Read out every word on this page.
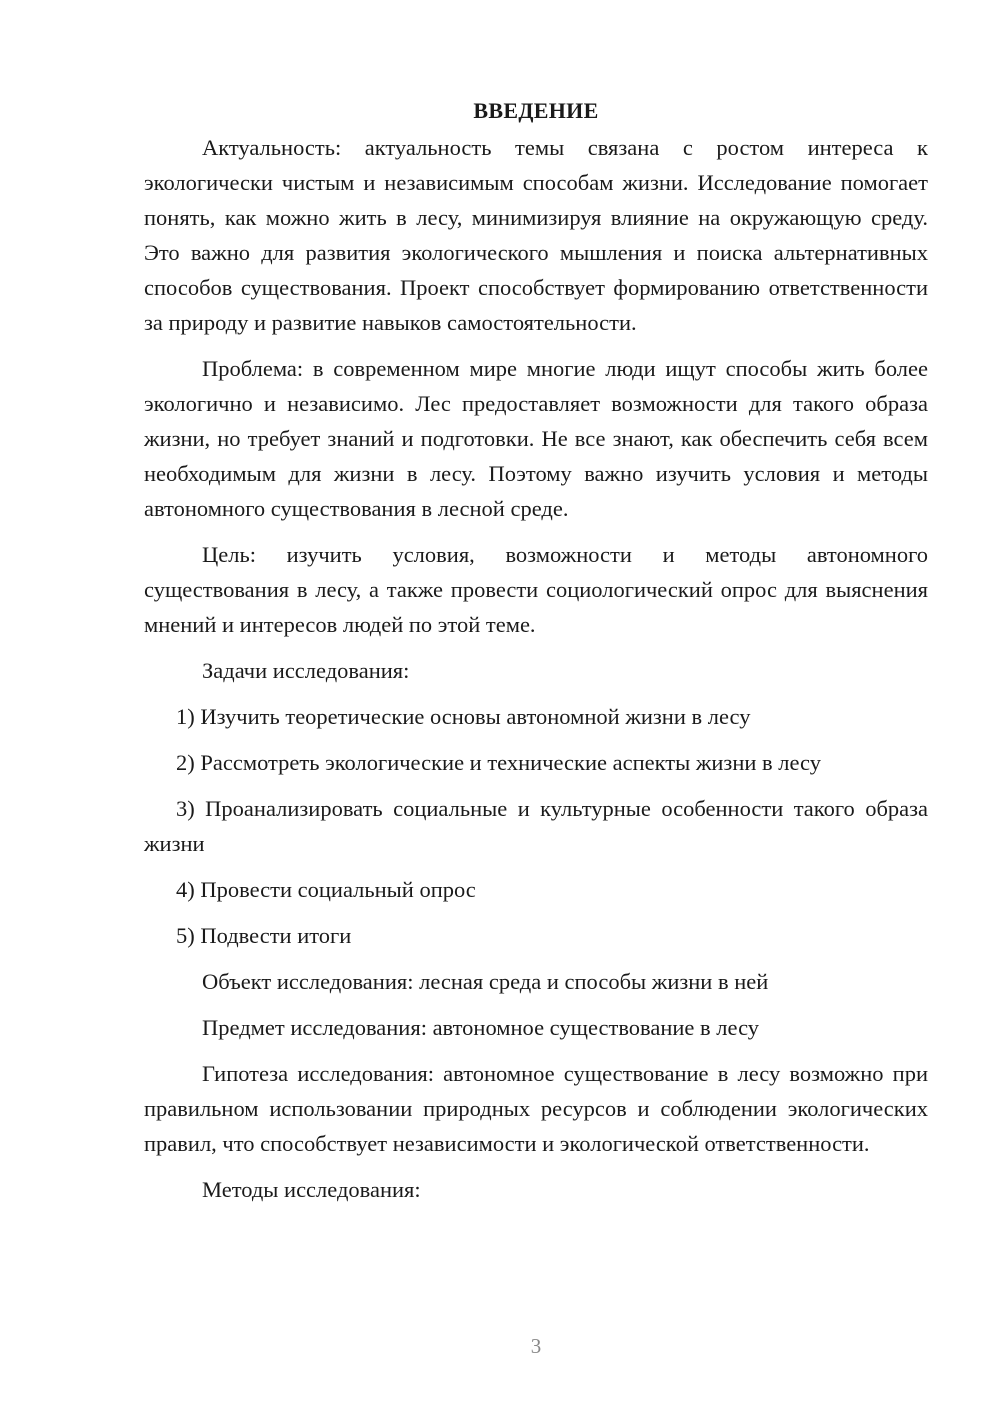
ВВЕДЕНИЕ

Актуальность: актуальность темы связана с ростом интереса к экологически чистым и независимым способам жизни. Исследование помогает понять, как можно жить в лесу, минимизируя влияние на окружающую среду. Это важно для развития экологического мышления и поиска альтернативных способов существования. Проект способствует формированию ответственности за природу и развитие навыков самостоятельности.

Проблема: в современном мире многие люди ищут способы жить более экологично и независимо. Лес предоставляет возможности для такого образа жизни, но требует знаний и подготовки. Не все знают, как обеспечить себя всем необходимым для жизни в лесу. Поэтому важно изучить условия и методы автономного существования в лесной среде.

Цель: изучить условия, возможности и методы автономного существования в лесу, а также провести социологический опрос для выяснения мнений и интересов людей по этой теме.

Задачи исследования:

1) Изучить теоретические основы автономной жизни в лесу

2) Рассмотреть экологические и технические аспекты жизни в лесу

3) Проанализировать социальные и культурные особенности такого образа жизни

4) Провести социальный опрос

5) Подвести итоги

Объект исследования: лесная среда и способы жизни в ней

Предмет исследования: автономное существование в лесу

Гипотеза исследования: автономное существование в лесу возможно при правильном использовании природных ресурсов и соблюдении экологических правил, что способствует независимости и экологической ответственности.

Методы исследования:

3
